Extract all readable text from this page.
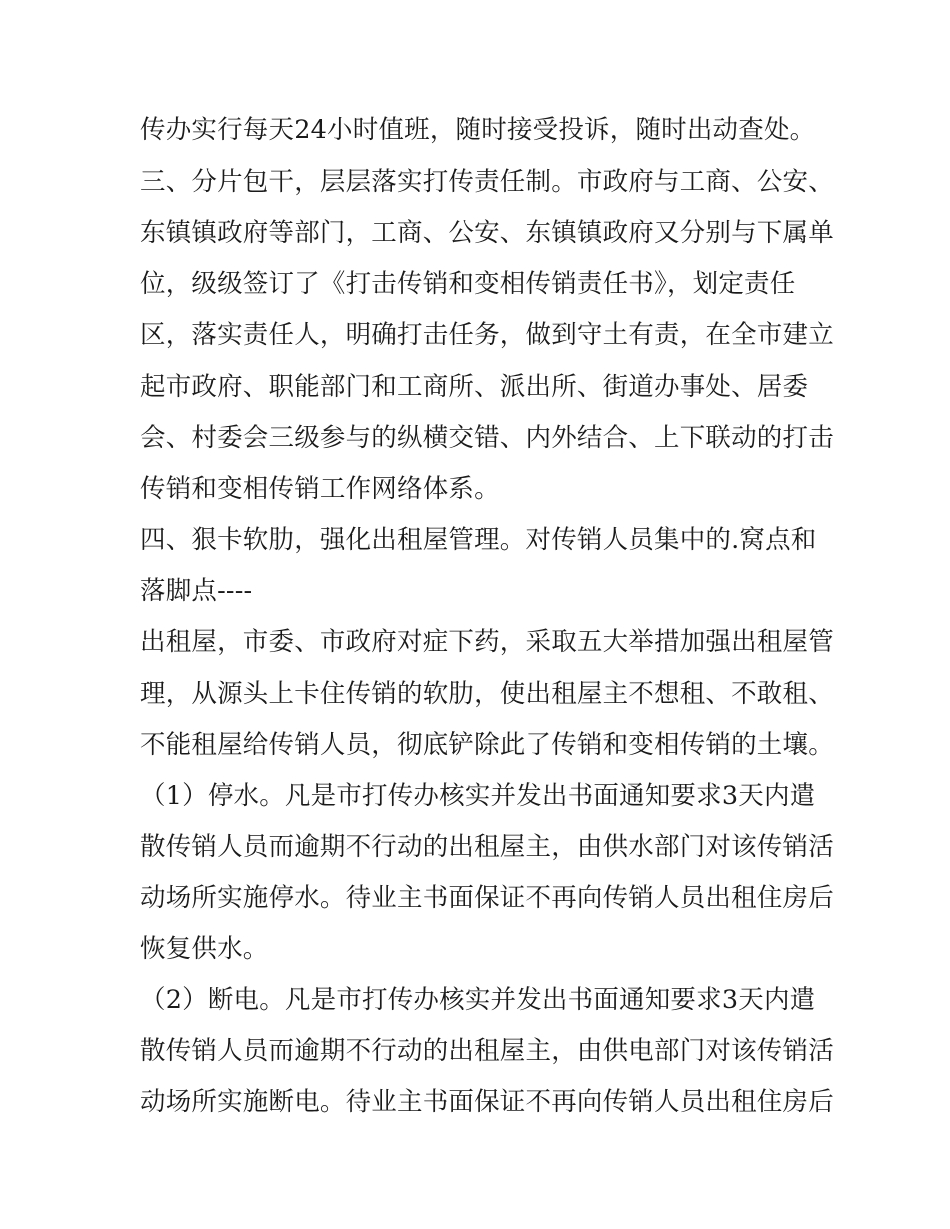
传办实行每天24小时值班，随时接受投诉，随时出动查处。
三、分片包干，层层落实打传责任制。市政府与工商、公安、
东镇镇政府等部门，工商、公安、东镇镇政府又分别与下属单
位，级级签订了《打击传销和变相传销责任书》，划定责任
区，落实责任人，明确打击任务，做到守土有责，在全市建立
起市政府、职能部门和工商所、派出所、街道办事处、居委
会、村委会三级参与的纵横交错、内外结合、上下联动的打击
传销和变相传销工作网络体系。
四、狠卡软肋，强化出租屋管理。对传销人员集中的.窝点和
落脚点----
出租屋，市委、市政府对症下药，采取五大举措加强出租屋管
理，从源头上卡住传销的软肋，使出租屋主不想租、不敢租、
不能租屋给传销人员，彻底铲除此了传销和变相传销的土壤。
（1）停水。凡是市打传办核实并发出书面通知要求3天内遣
散传销人员而逾期不行动的出租屋主，由供水部门对该传销活
动场所实施停水。待业主书面保证不再向传销人员出租住房后
恢复供水。
（2）断电。凡是市打传办核实并发出书面通知要求3天内遣
散传销人员而逾期不行动的出租屋主，由供电部门对该传销活
动场所实施断电。待业主书面保证不再向传销人员出租住房后
